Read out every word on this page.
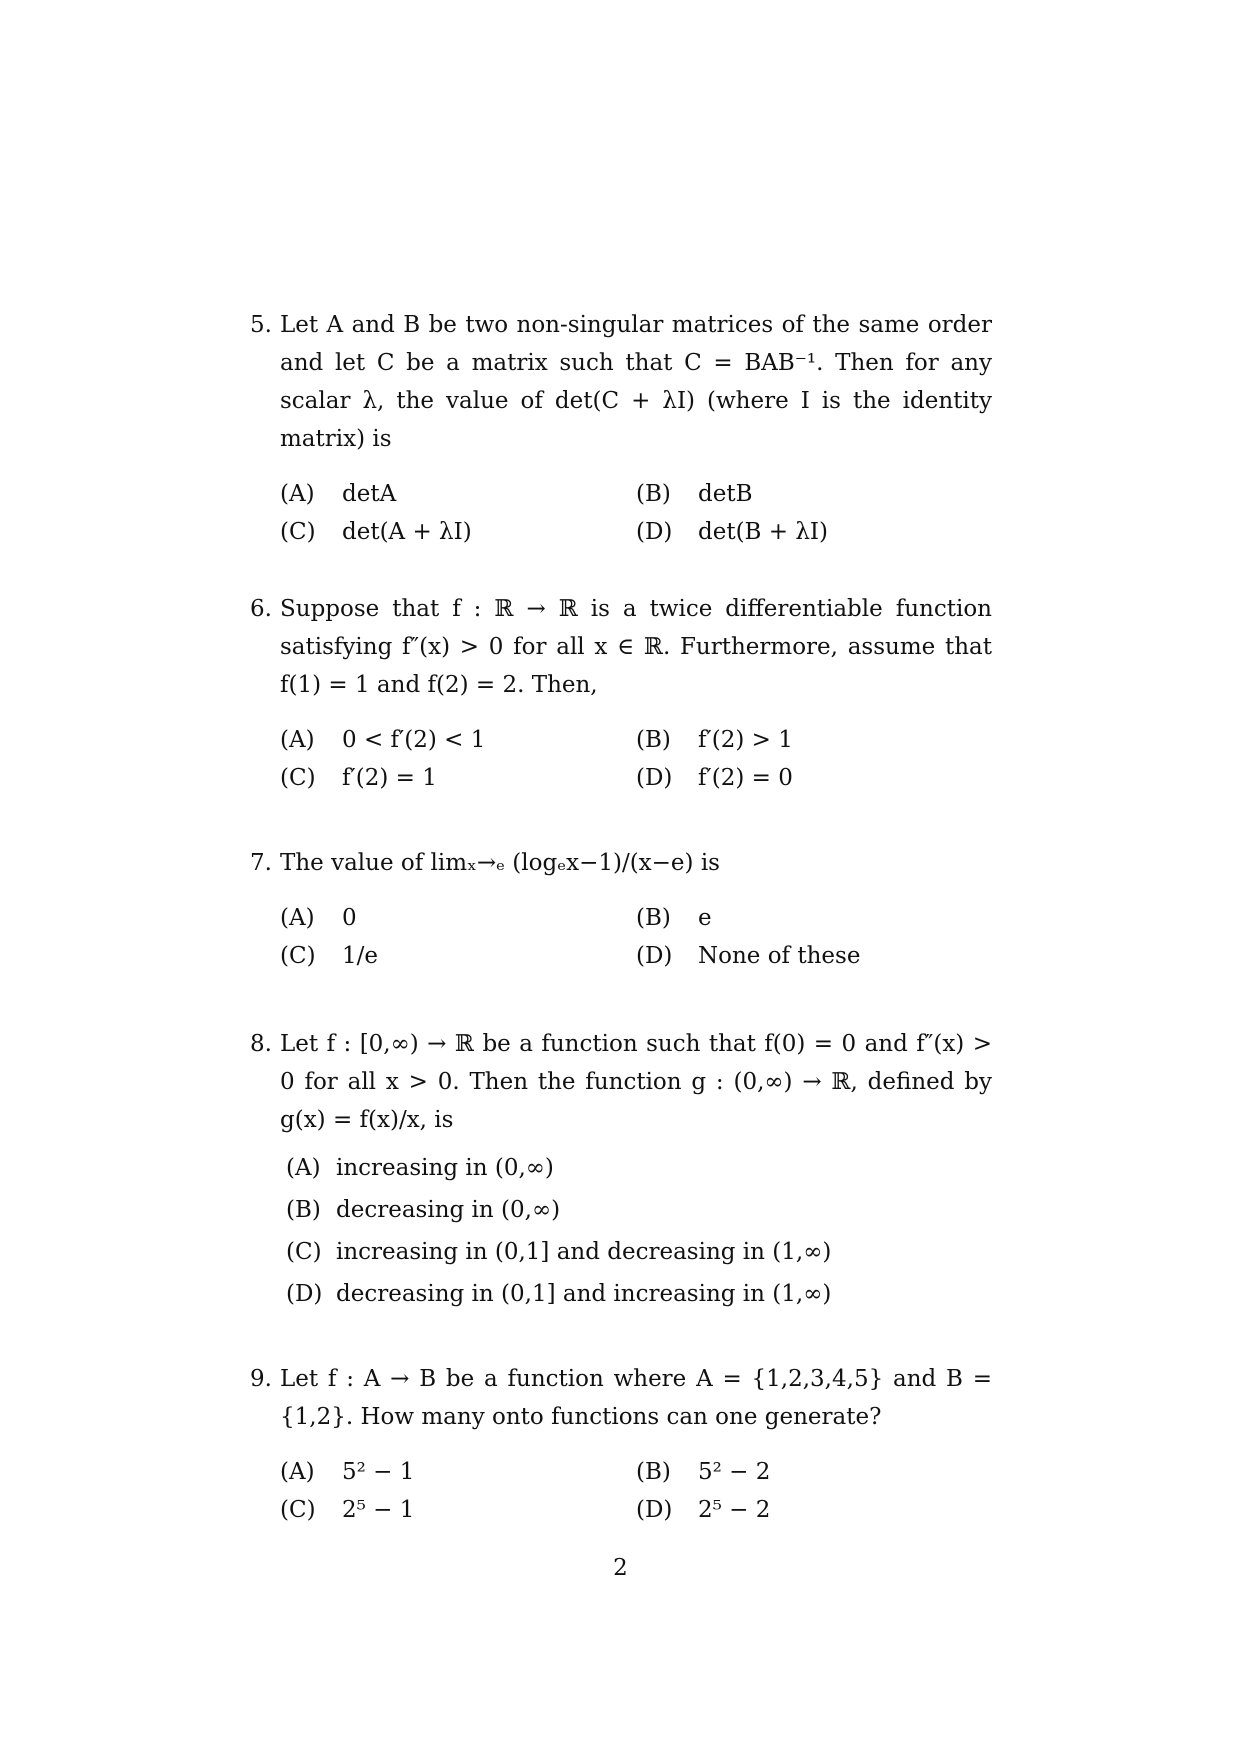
5. Let A and B be two non-singular matrices of the same order and let C be a matrix such that C = BAB⁻¹. Then for any scalar λ, the value of det(C + λI) (where I is the identity matrix) is
(A) detA	(B) detB
(C) det(A + λI)	(D) det(B + λI)
6. Suppose that f : ℝ → ℝ is a twice differentiable function satisfying f″(x) > 0 for all x ∈ ℝ. Furthermore, assume that f(1) = 1 and f(2) = 2. Then,
(A) 0 < f′(2) < 1	(B) f′(2) > 1
(C) f′(2) = 1	(D) f′(2) = 0
7. The value of limₓ→ₑ (logₑx−1)/(x−e) is
(A) 0	(B) e
(C) 1/e	(D) None of these
8. Let f : [0,∞) → ℝ be a function such that f(0) = 0 and f″(x) > 0 for all x > 0. Then the function g : (0,∞) → ℝ, defined by g(x) = f(x)/x, is
(A) increasing in (0,∞)
(B) decreasing in (0,∞)
(C) increasing in (0,1] and decreasing in (1,∞)
(D) decreasing in (0,1] and increasing in (1,∞)
9. Let f : A → B be a function where A = {1,2,3,4,5} and B = {1,2}. How many onto functions can one generate?
(A) 5² − 1	(B) 5² − 2
(C) 2⁵ − 1	(D) 2⁵ − 2
2
